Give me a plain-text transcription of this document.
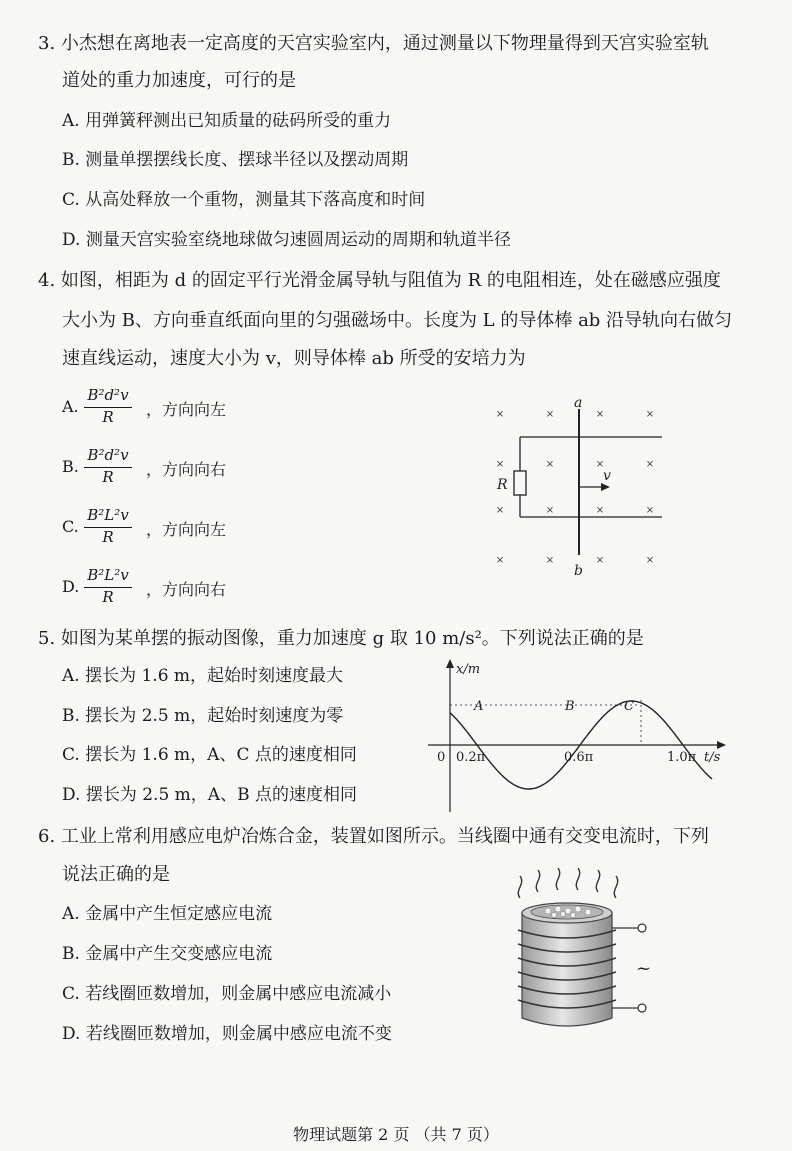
3. 小杰想在离地表一定高度的天宫实验室内，通过测量以下物理量得到天宫实验室轨
道处的重力加速度，可行的是
A. 用弹簧秤测出已知质量的砝码所受的重力
B. 测量单摆摆线长度、摆球半径以及摆动周期
C. 从高处释放一个重物，测量其下落高度和时间
D. 测量天宫实验室绕地球做匀速圆周运动的周期和轨道半径
4. 如图，相距为 d 的固定平行光滑金属导轨与阻值为 R 的电阻相连，处在磁感应强度
大小为 B、方向垂直纸面向里的匀强磁场中。长度为 L 的导体棒 ab 沿导轨向右做匀
速直线运动，速度大小为 v，则导体棒 ab 所受的安培力为
A.
B²d²v
R	，方向向左
B.
B²d²v
R	，方向向右
C.
B²L²v
R	，方向向左
D.
B²L²v
R	，方向向右
×	×	×	×
×	×	×	×
×	×	×	×
×	×	×	×
a
b
R
v
5. 如图为某单摆的振动图像，重力加速度 g 取 10 m/s²。下列说法正确的是
A. 摆长为 1.6 m，起始时刻速度最大
B. 摆长为 2.5 m，起始时刻速度为零
C. 摆长为 1.6 m，A、C 点的速度相同
D. 摆长为 2.5 m，A、B 点的速度相同
x/m
t/s
0 0.2π	0.6π	1.0π
A	B	C
6. 工业上常利用感应电炉冶炼合金，装置如图所示。当线圈中通有交变电流时，下列
说法正确的是
A. 金属中产生恒定感应电流
B. 金属中产生交变感应电流
C. 若线圈匝数增加，则金属中感应电流减小
D. 若线圈匝数增加，则金属中感应电流不变
~
物理试题第 2 页 （共 7 页）
